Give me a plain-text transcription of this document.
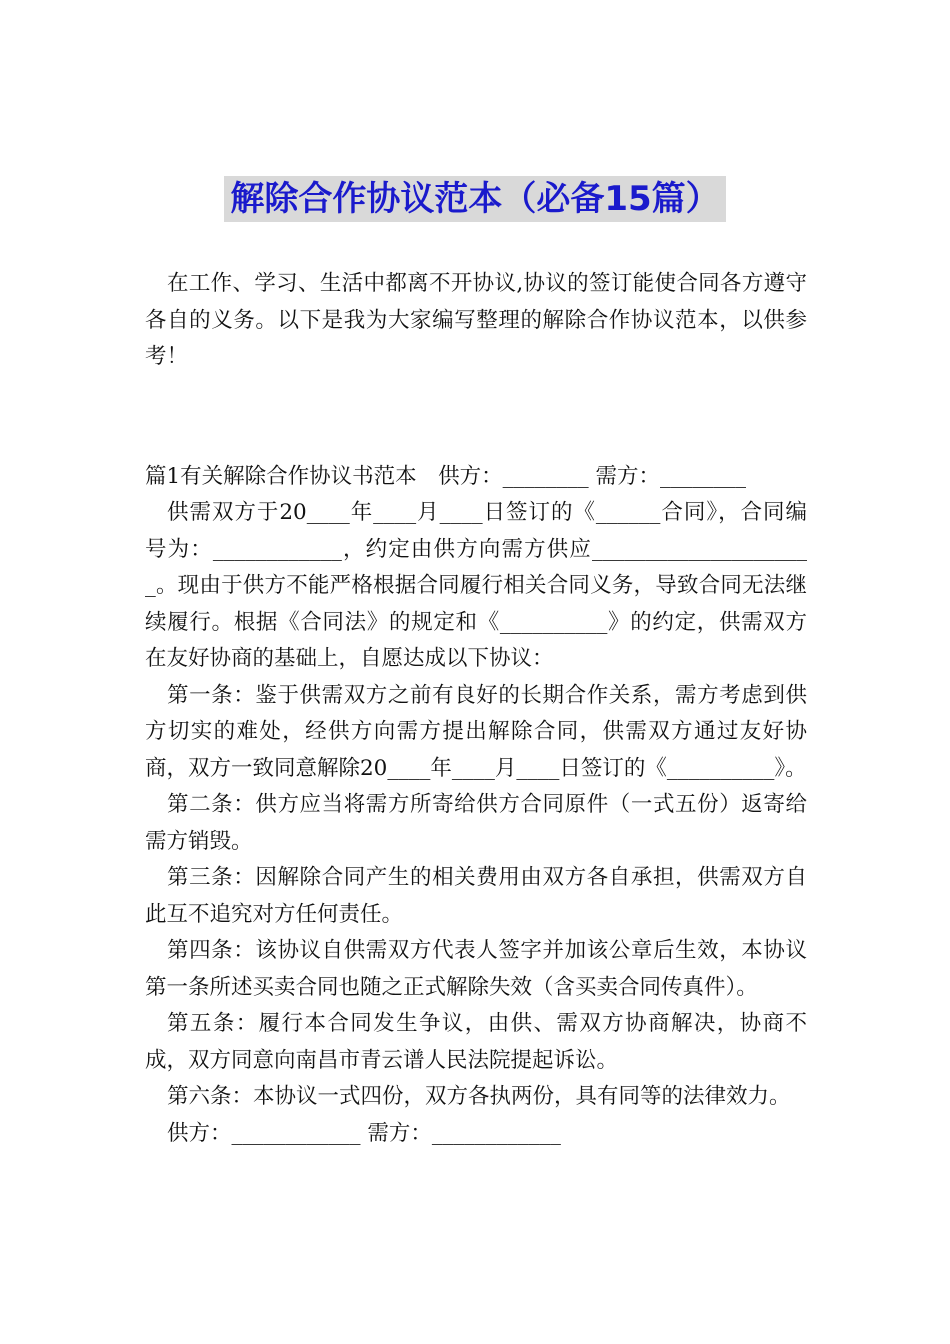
解除合作协议范本（必备15篇）

在工作、学习、生活中都离不开协议,协议的签订能使合同各方遵守各自的义务。以下是我为大家编写整理的解除合作协议范本，以供参考！

篇1有关解除合作协议书范本　供方：________ 需方：________

供需双方于20____年____月____日签订的《______合同》，合同编号为：____________，约定由供方向需方供应_____________________。现由于供方不能严格根据合同履行相关合同义务，导致合同无法继续履行。根据《合同法》的规定和《__________》的约定，供需双方在友好协商的基础上，自愿达成以下协议：

第一条：鉴于供需双方之前有良好的长期合作关系，需方考虑到供方切实的难处，经供方向需方提出解除合同，供需双方通过友好协商，双方一致同意解除20____年____月____日签订的《__________》。

第二条：供方应当将需方所寄给供方合同原件（一式五份）返寄给需方销毁。

第三条：因解除合同产生的相关费用由双方各自承担，供需双方自此互不追究对方任何责任。

第四条：该协议自供需双方代表人签字并加该公章后生效，本协议第一条所述买卖合同也随之正式解除失效（含买卖合同传真件）。

第五条：履行本合同发生争议，由供、需双方协商解决，协商不成，双方同意向南昌市青云谱人民法院提起诉讼。

第六条：本协议一式四份，双方各执两份，具有同等的法律效力。

供方：____________ 需方：____________
